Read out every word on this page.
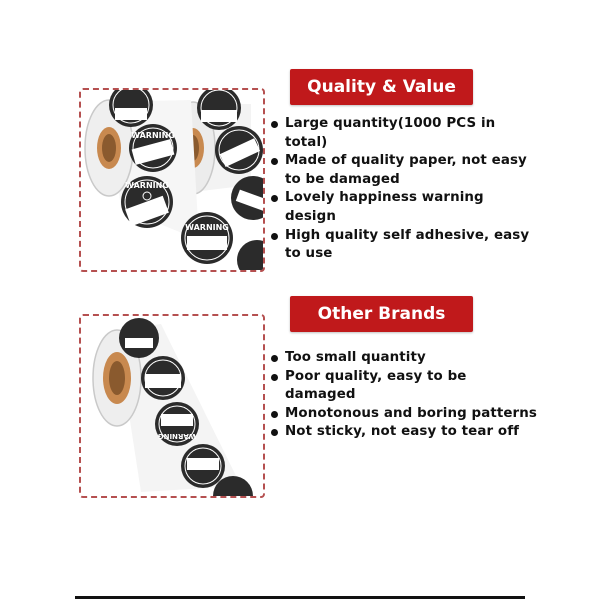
WARNING
WARNING
WARNING
Quality & Value
Large quantity(1000 PCS in total)
Made of quality paper, not easy to be damaged
Lovely happiness warning design
High quality self adhesive, easy to use
WARNING
Other Brands
Too small quantity
Poor quality, easy to be damaged
Monotonous and boring patterns
Not sticky, not easy to tear off
